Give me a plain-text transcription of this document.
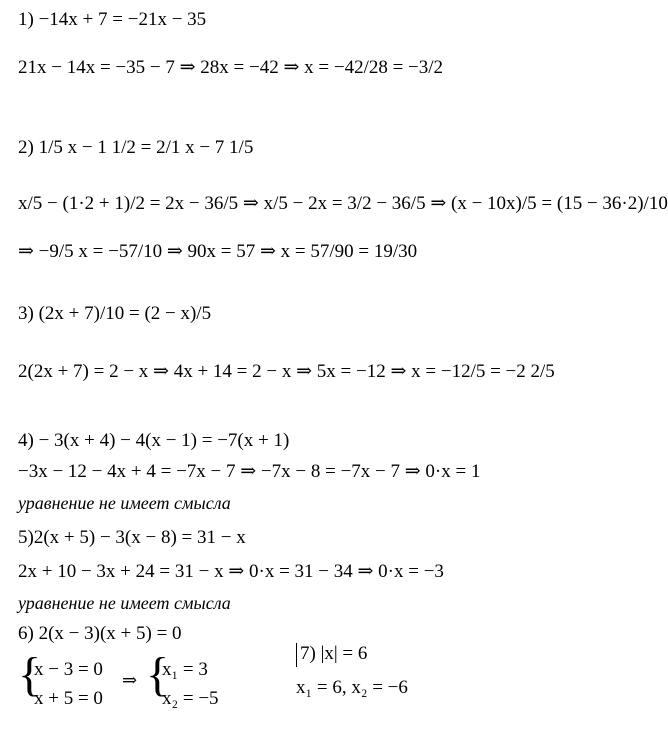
1) −14x + 7 = −21x − 35
21x − 14x = −35 − 7 ⇒ 28x = −42 ⇒ x = −42/28 = −3/2
2) 1/5 x − 1 1/2 = 2/1 x − 7 1/5
x/5 − (1·2 + 1)/2 = 2x − 36/5 ⇒ x/5 − 2x = 3/2 − 36/5 ⇒ (x − 10x)/5 = (15 − 36·2)/10
⇒ −9/5 x = −57/10 ⇒ 90x = 57 ⇒ x = 57/90 = 19/30
3) (2x + 7)/10 = (2 − x)/5
2(2x + 7) = 2 − x ⇒ 4x + 14 = 2 − x ⇒ 5x = −12 ⇒ x = −12/5 = −2 2/5
4) − 3(x + 4) − 4(x − 1) = −7(x + 1)
−3x − 12 − 4x + 4 = −7x − 7 ⇒ −7x − 8 = −7x − 7 ⇒ 0·x = 1
уравнение не имеет смысла
5)2(x + 5) − 3(x − 8) = 31 − x
2x + 10 − 3x + 24 = 31 − x ⇒ 0·x = 31 − 34 ⇒ 0·x = −3
уравнение не имеет смысла
6) 2(x − 3)(x + 5) = 0
{
x − 3 = 0
x + 5 = 0
⇒ {
x₁ = 3
x₂ = −5
7) |x| = 6
x₁ = 6, x₂ = −6
